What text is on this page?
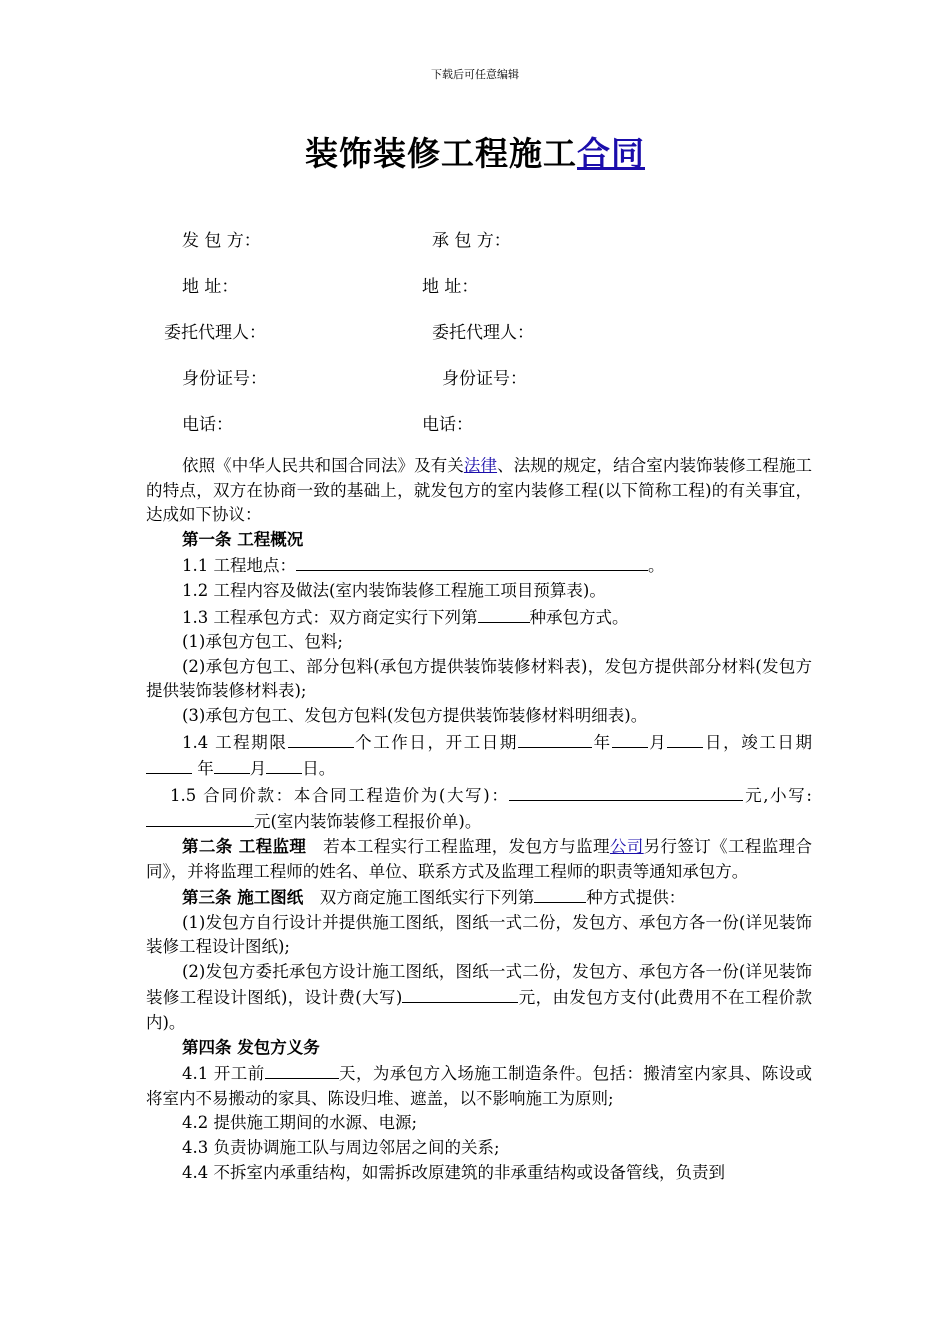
下载后可任意编辑
装饰装修工程施工合同
发 包 方：	承 包 方：
地 址：	地 址：
委托代理人：	委托代理人：
身份证号：	身份证号：
电话：	电话：

依照《中华人民共和国合同法》及有关法律、法规的规定，结合室内装饰装修工程施工的特点，双方在协商一致的基础上，就发包方的室内装修工程(以下简称工程)的有关事宜，达成如下协议：

第一条 工程概况

1.1 工程地点：	。

1.2 工程内容及做法(室内装饰装修工程施工项目预算表)。

1.3 工程承包方式：双方商定实行下列第	种承包方式。

(1)承包方包工、包料;

(2)承包方包工、部分包料(承包方提供装饰装修材料表)，发包方提供部分材料(发包方提供装饰装修材料表);

(3)承包方包工、发包方包料(发包方提供装饰装修材料明细表)。

1.4 工程期限	个工作日，开工日期	年 月 日，竣工日期 年 月 日。

1.5 合同价款：本合同工程造价为(大写)：	元,小写:元(室内装饰装修工程报价单)。

第二条 工程监理　若本工程实行工程监理，发包方与监理公司另行签订《工程监理合同》，并将监理工程师的姓名、单位、联系方式及监理工程师的职责等通知承包方。

第三条 施工图纸　双方商定施工图纸实行下列第	种方式提供：

(1)发包方自行设计并提供施工图纸，图纸一式二份，发包方、承包方各一份(详见装饰装修工程设计图纸);

(2)发包方委托承包方设计施工图纸，图纸一式二份，发包方、承包方各一份(详见装饰装修工程设计图纸)，设计费(大写)	元，由发包方支付(此费用不在工程价款内)。

第四条 发包方义务

4.1 开工前	天，为承包方入场施工制造条件。包括：搬清室内家具、陈设或将室内不易搬动的家具、陈设归堆、遮盖，以不影响施工为原则;

4.2 提供施工期间的水源、电源;

4.3 负责协调施工队与周边邻居之间的关系;

4.4 不拆室内承重结构，如需拆改原建筑的非承重结构或设备管线，负责到
